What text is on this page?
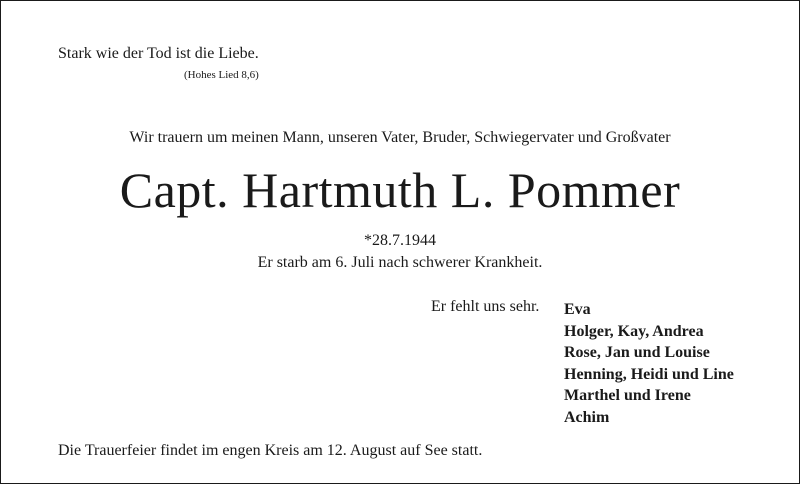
Stark wie der Tod ist die Liebe.
(Hohes Lied 8,6)
Wir trauern um meinen Mann, unseren Vater, Bruder, Schwiegervater und Großvater
Capt. Hartmuth L. Pommer
*28.7.1944
Er starb am 6. Juli nach schwerer Krankheit.
Er fehlt uns sehr. Eva
Holger, Kay, Andrea
Rose, Jan und Louise
Henning, Heidi und Line
Marthel und Irene
Achim
Die Trauerfeier findet im engen Kreis am 12. August auf See statt.
